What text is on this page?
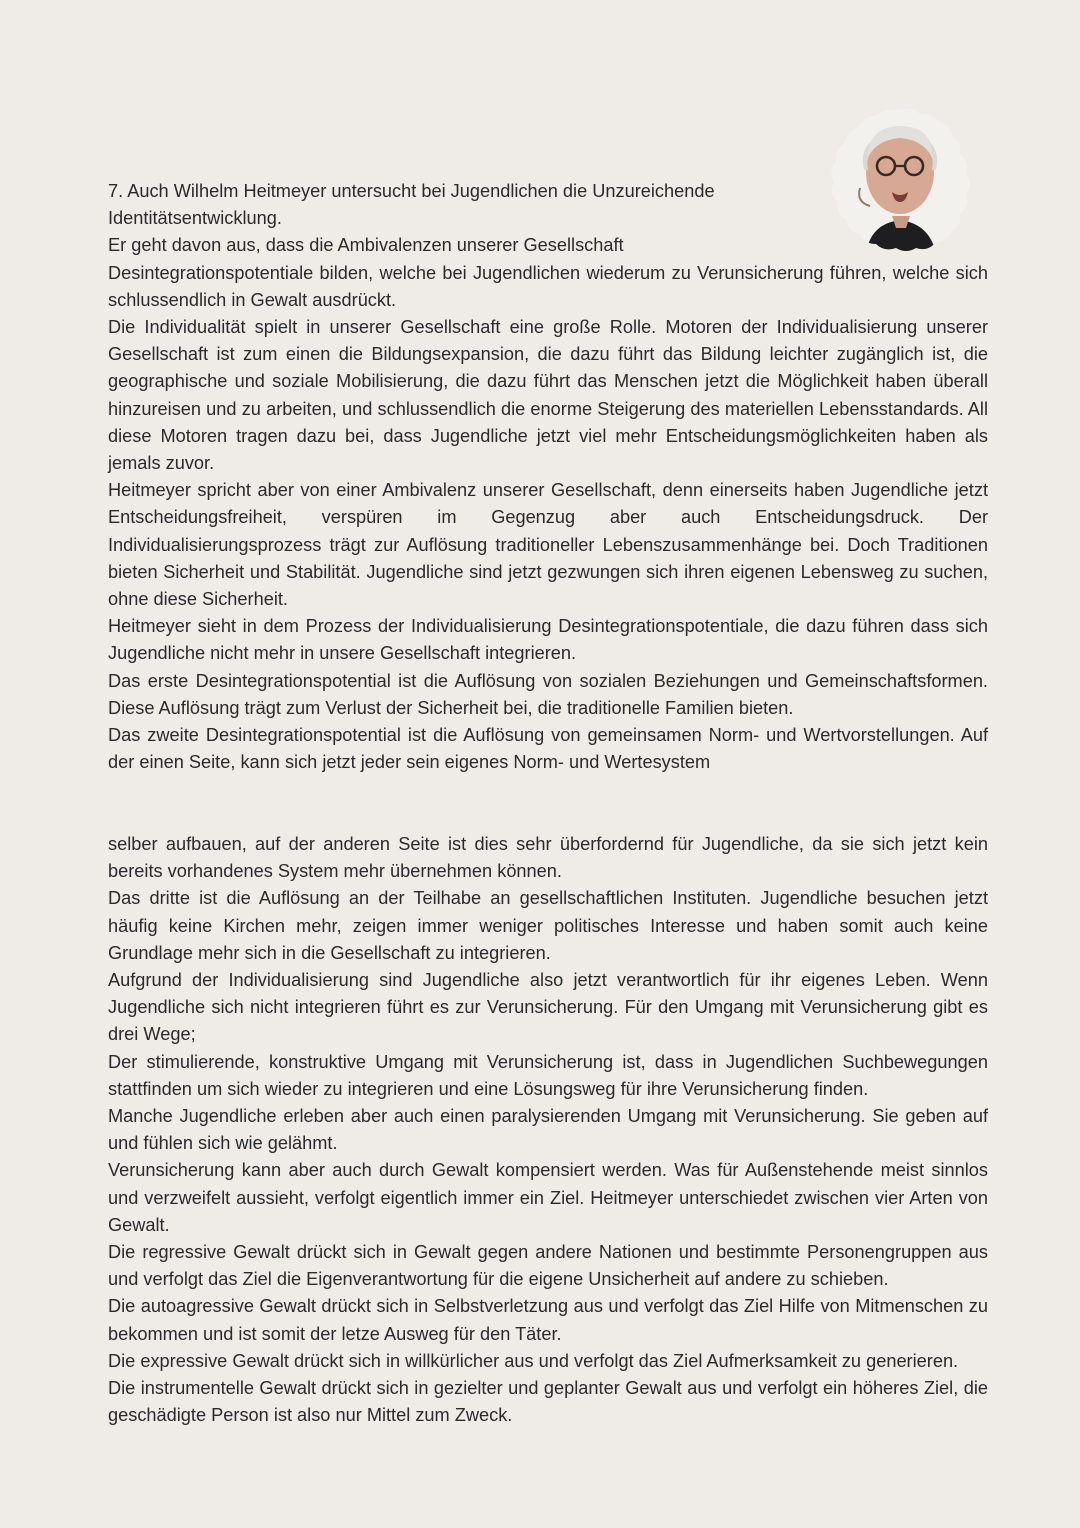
7. Auch Wilhelm Heitmeyer untersucht bei Jugendlichen die Unzureichende
Identitätsentwicklung.

Er geht davon aus, dass die Ambivalenzen unserer Gesellschaft

Desintegrationspotentiale bilden, welche bei Jugendlichen wiederum zu Verunsicherung führen, welche sich schlussendlich in Gewalt ausdrückt.

Die Individualität spielt in unserer Gesellschaft eine große Rolle. Motoren der Individualisierung unserer Gesellschaft ist zum einen die Bildungsexpansion, die dazu führt das Bildung leichter zugänglich ist, die geographische und soziale Mobilisierung, die dazu führt das Menschen jetzt die Möglichkeit haben überall hinzureisen und zu arbeiten, und schlussendlich die enorme Steigerung des materiellen Lebensstandards. All diese Motoren tragen dazu bei, dass Jugendliche jetzt viel mehr Entscheidungsmöglichkeiten haben als jemals zuvor.

Heitmeyer spricht aber von einer Ambivalenz unserer Gesellschaft, denn einerseits haben Jugendliche jetzt Entscheidungsfreiheit, verspüren im Gegenzug aber auch Entscheidungsdruck. Der Individualisierungsprozess trägt zur Auflösung traditioneller Lebenszusammenhänge bei. Doch Traditionen bieten Sicherheit und Stabilität. Jugendliche sind jetzt gezwungen sich ihren eigenen Lebensweg zu suchen, ohne diese Sicherheit.

Heitmeyer sieht in dem Prozess der Individualisierung Desintegrationspotentiale, die dazu führen dass sich Jugendliche nicht mehr in unsere Gesellschaft integrieren.

Das erste Desintegrationspotential ist die Auflösung von sozialen Beziehungen und Gemeinschaftsformen. Diese Auflösung trägt zum Verlust der Sicherheit bei, die traditionelle Familien bieten.

Das zweite Desintegrationspotential ist die Auflösung von gemeinsamen Norm- und Wertvorstellungen. Auf der einen Seite, kann sich jetzt jeder sein eigenes Norm- und Wertesystem

selber aufbauen, auf der anderen Seite ist dies sehr überfordernd für Jugendliche, da sie sich jetzt kein bereits vorhandenes System mehr übernehmen können.

Das dritte ist die Auflösung an der Teilhabe an gesellschaftlichen Instituten. Jugendliche besuchen jetzt häufig keine Kirchen mehr, zeigen immer weniger politisches Interesse und haben somit auch keine Grundlage mehr sich in die Gesellschaft zu integrieren.

Aufgrund der Individualisierung sind Jugendliche also jetzt verantwortlich für ihr eigenes Leben. Wenn Jugendliche sich nicht integrieren führt es zur Verunsicherung. Für den Umgang mit Verunsicherung gibt es drei Wege;

Der stimulierende, konstruktive Umgang mit Verunsicherung ist, dass in Jugendlichen Suchbewegungen stattfinden um sich wieder zu integrieren und eine Lösungsweg für ihre Verunsicherung finden.

Manche Jugendliche erleben aber auch einen paralysierenden Umgang mit Verunsicherung. Sie geben auf und fühlen sich wie gelähmt.

Verunsicherung kann aber auch durch Gewalt kompensiert werden. Was für Außenstehende meist sinnlos und verzweifelt aussieht, verfolgt eigentlich immer ein Ziel. Heitmeyer unterschiedet zwischen vier Arten von Gewalt.

Die regressive Gewalt drückt sich in Gewalt gegen andere Nationen und bestimmte Personengruppen aus und verfolgt das Ziel die Eigenverantwortung für die eigene Unsicherheit auf andere zu schieben.

Die autoagressive Gewalt drückt sich in Selbstverletzung aus und verfolgt das Ziel Hilfe von Mitmenschen zu bekommen und ist somit der letze Ausweg für den Täter.

Die expressive Gewalt drückt sich in willkürlicher aus und verfolgt das Ziel Aufmerksamkeit zu generieren.

Die instrumentelle Gewalt drückt sich in gezielter und geplanter Gewalt aus und verfolgt ein höheres Ziel, die geschädigte Person ist also nur Mittel zum Zweck.
